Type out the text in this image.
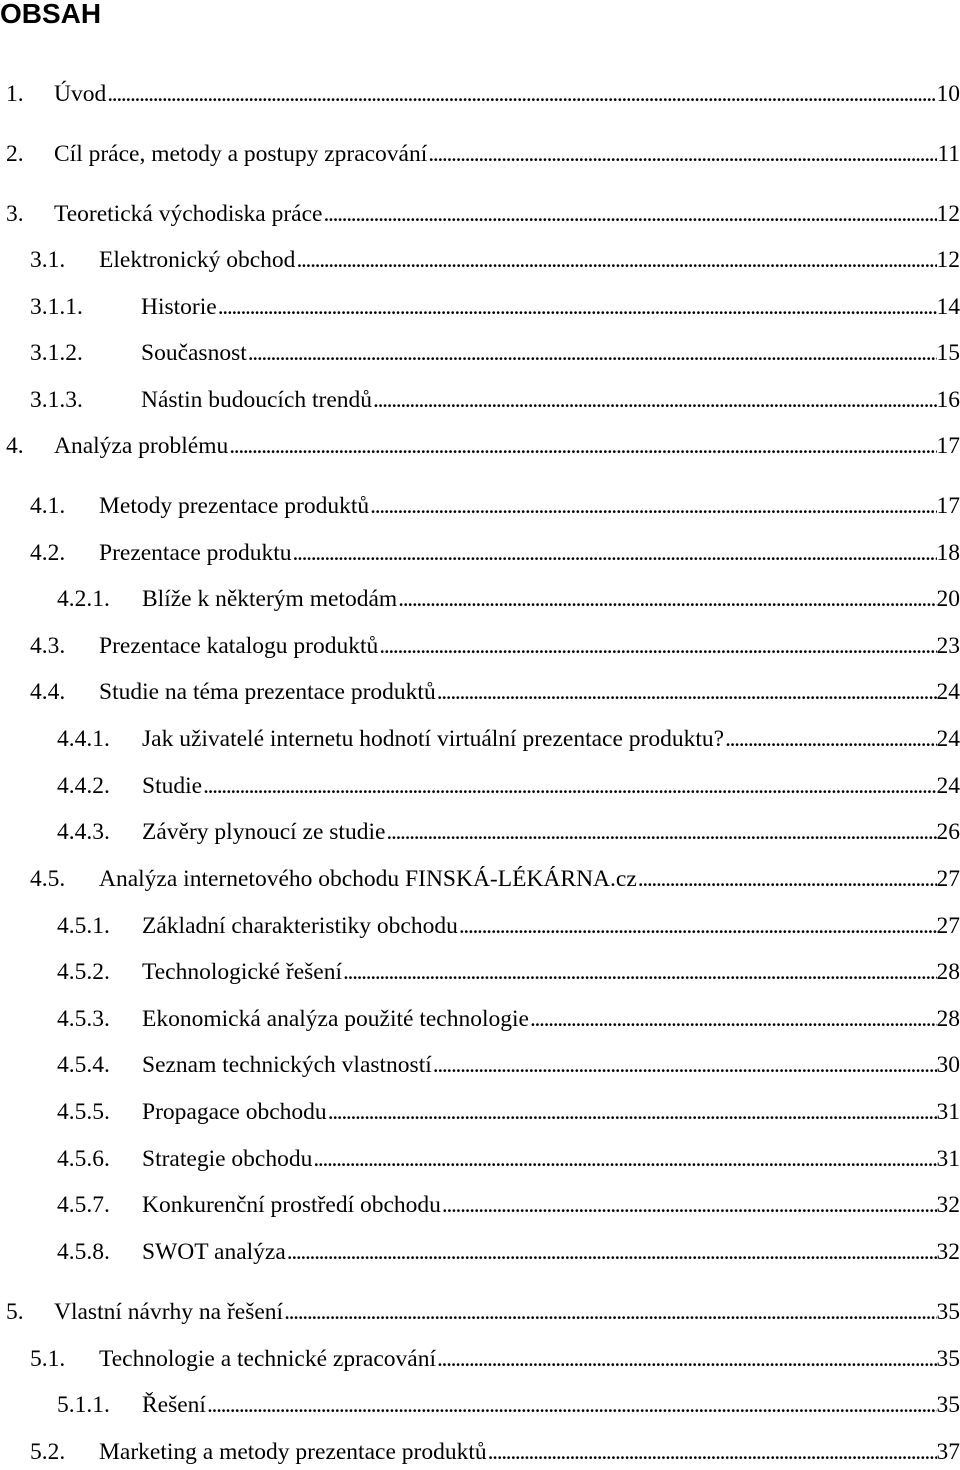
OBSAH
1.	Úvod . . .	10
2.	Cíl práce, metody a postupy zpracování . . .	11
3.	Teoretická východiska práce . . .	12
3.1.	Elektronický obchod . . .	12
3.1.1.	Historie . . .	14
3.1.2.	Současnost . . .	15
3.1.3.	Nástin budoucích trendů . . .	16
4.	Analýza problému . . .	17
4.1.	Metody prezentace produktů . . .	17
4.2.	Prezentace produktu . . .	18
4.2.1.	Blíže k některým metodám . . .	20
4.3.	Prezentace katalogu produktů . . .	23
4.4.	Studie na téma prezentace produktů . . .	24
4.4.1.	Jak uživatelé internetu hodnotí virtuální prezentace produktu? . . .	24
4.4.2.	Studie . . .	24
4.4.3.	Závěry plynoucí ze studie . . .	26
4.5.	Analýza internetového obchodu FINSKÁ-LÉKÁRNA.cz . . .	27
4.5.1.	Základní charakteristiky obchodu . . .	27
4.5.2.	Technologické řešení . . .	28
4.5.3.	Ekonomická analýza použité technologie . . .	28
4.5.4.	Seznam technických vlastností . . .	30
4.5.5.	Propagace obchodu . . .	31
4.5.6.	Strategie obchodu . . .	31
4.5.7.	Konkurenční prostředí obchodu . . .	32
4.5.8.	SWOT analýza . . .	32
5.	Vlastní návrhy na řešení . . .	35
5.1.	Technologie a technické zpracování . . .	35
5.1.1.	Řešení . . .	35
5.2.	Marketing a metody prezentace produktů . . .	37
